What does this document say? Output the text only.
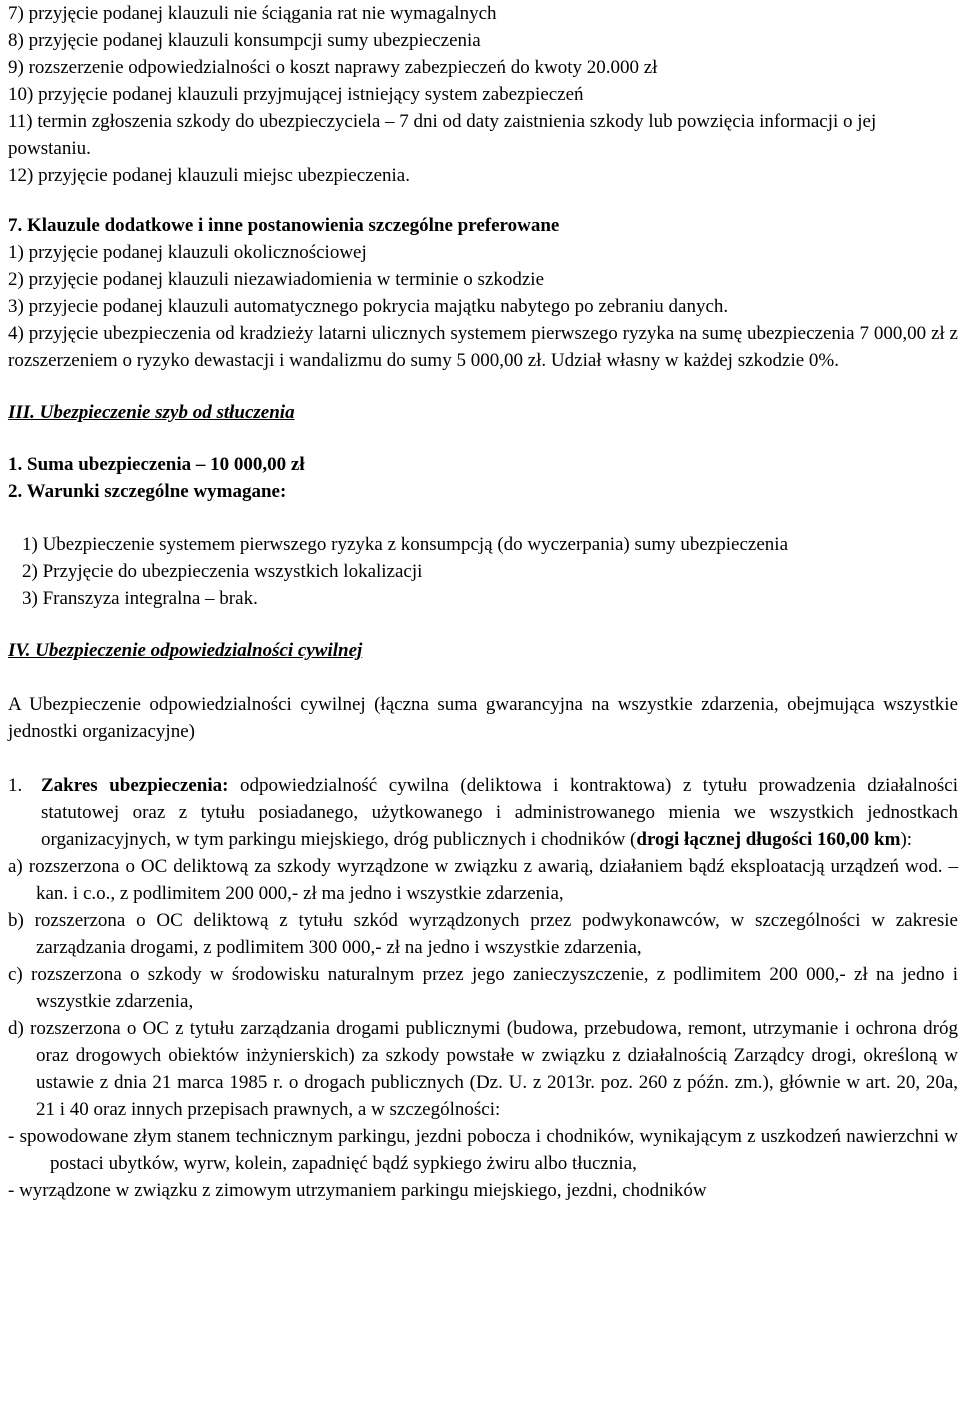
7) przyjęcie podanej klauzuli nie ściągania rat nie wymagalnych

8) przyjęcie podanej klauzuli konsumpcji sumy ubezpieczenia

9) rozszerzenie odpowiedzialności o koszt naprawy zabezpieczeń do kwoty 20.000 zł

10) przyjęcie podanej klauzuli przyjmującej istniejący system zabezpieczeń

11) termin zgłoszenia szkody do ubezpieczyciela – 7 dni od daty zaistnienia szkody lub powzięcia informacji o jej powstaniu.

12) przyjęcie podanej klauzuli miejsc ubezpieczenia.

7. Klauzule dodatkowe i inne postanowienia szczególne preferowane

1) przyjęcie podanej klauzuli okolicznościowej

2) przyjęcie podanej klauzuli niezawiadomienia w terminie o szkodzie

3) przyjecie podanej klauzuli automatycznego pokrycia majątku nabytego po zebraniu danych.

4) przyjęcie ubezpieczenia od kradzieży latarni ulicznych systemem pierwszego ryzyka na sumę ubezpieczenia 7 000,00 zł z rozszerzeniem o ryzyko dewastacji i wandalizmu do sumy 5 000,00 zł. Udział własny w każdej szkodzie 0%.

III. Ubezpieczenie szyb od stłuczenia

1. Suma ubezpieczenia – 10 000,00 zł

2. Warunki szczególne wymagane:

1) Ubezpieczenie systemem pierwszego ryzyka z konsumpcją (do wyczerpania) sumy ubezpieczenia

2) Przyjęcie do ubezpieczenia wszystkich lokalizacji

3) Franszyza integralna – brak.

IV. Ubezpieczenie odpowiedzialności cywilnej

A Ubezpieczenie odpowiedzialności cywilnej (łączna suma gwarancyjna na wszystkie zdarzenia, obejmująca wszystkie jednostki organizacyjne)

1. Zakres ubezpieczenia: odpowiedzialność cywilna (deliktowa i kontraktowa) z tytułu prowadzenia działalności statutowej oraz z tytułu posiadanego, użytkowanego i administrowanego mienia we wszystkich jednostkach organizacyjnych, w tym parkingu miejskiego, dróg publicznych i chodników (drogi łącznej długości 160,00 km):

a) rozszerzona o OC deliktową za szkody wyrządzone w związku z awarią, działaniem bądź eksploatacją urządzeń wod. – kan. i c.o., z podlimitem 200 000,- zł ma jedno i wszystkie zdarzenia,

b) rozszerzona o OC deliktową z tytułu szkód wyrządzonych przez podwykonawców, w szczególności w zakresie zarządzania drogami, z podlimitem 300 000,- zł na jedno i wszystkie zdarzenia,

c) rozszerzona o szkody w środowisku naturalnym przez jego zanieczyszczenie, z podlimitem 200 000,- zł na jedno i wszystkie zdarzenia,

d) rozszerzona o OC z tytułu zarządzania drogami publicznymi (budowa, przebudowa, remont, utrzymanie i ochrona dróg oraz drogowych obiektów inżynierskich) za szkody powstałe w związku z działalnością Zarządcy drogi, określoną w ustawie z dnia 21 marca 1985 r. o drogach publicznych (Dz. U. z 2013r. poz. 260 z późn. zm.), głównie w art. 20, 20a, 21 i 40 oraz innych przepisach prawnych, a w szczególności:

- spowodowane złym stanem technicznym parkingu, jezdni pobocza i chodników, wynikającym z uszkodzeń nawierzchni w postaci ubytków, wyrw, kolein, zapadnięć bądź sypkiego żwiru albo tłucznia,

- wyrządzone w związku z zimowym utrzymaniem parkingu miejskiego, jezdni, chodników
